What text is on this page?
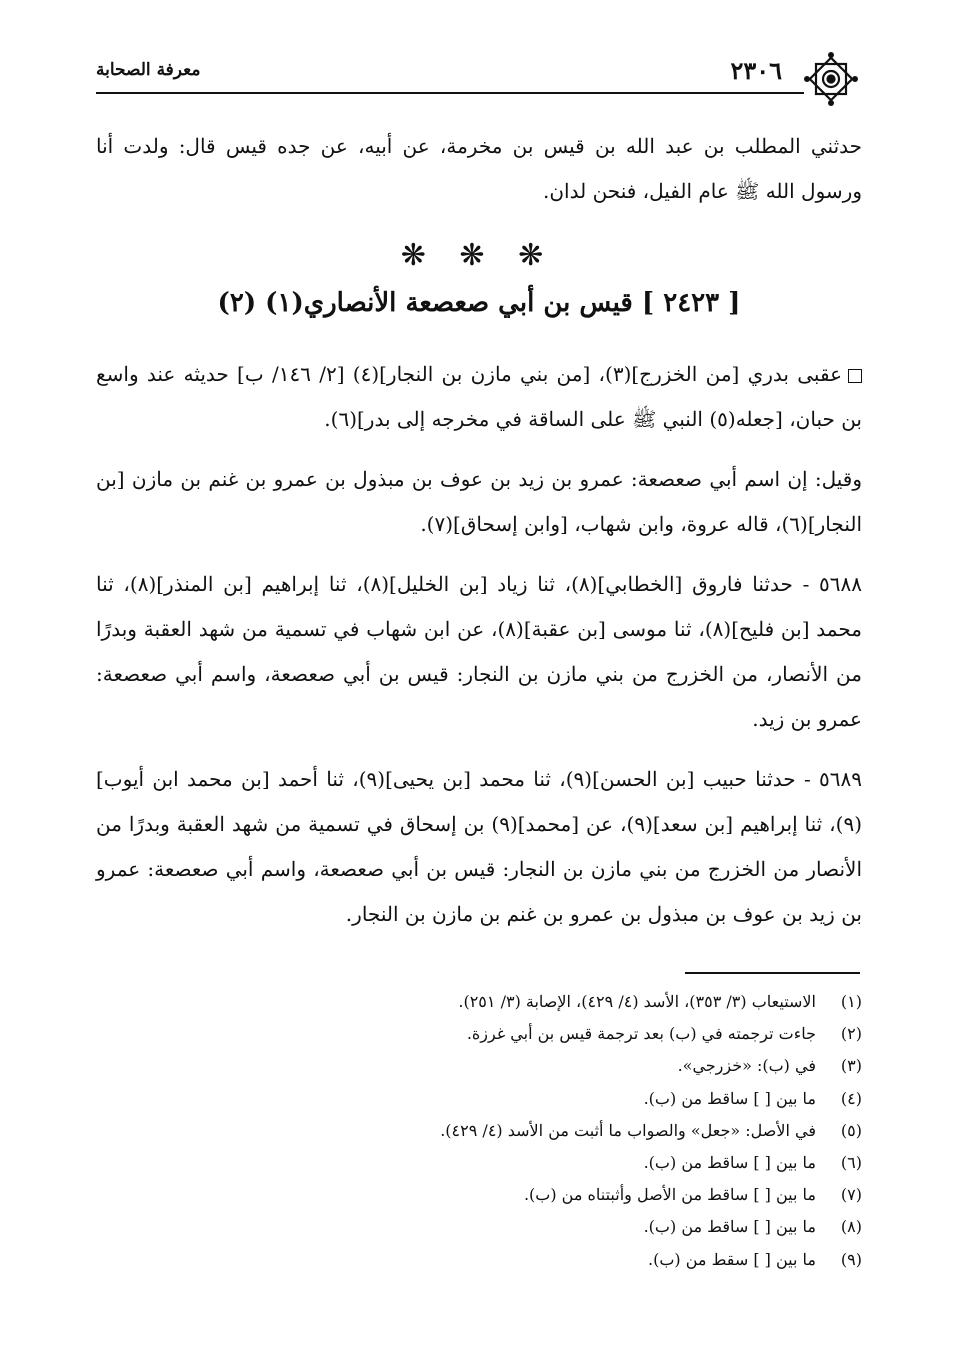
٢٣٠٦
معرفة الصحابة

حدثني المطلب بن عبد الله بن قيس بن مخرمة، عن أبيه، عن جده قيس قال: ولدت أنا ورسول الله ﷺ عام الفيل، فنحن لدان.

❋ ❋ ❋
[ ٢٤٢٣ ] قيس بن أبي صعصعة الأنصاري(١) (٢)

عقبى بدري [من الخزرج](٣)، [من بني مازن بن النجار](٤) [٢/ ١٤٦/ ب] حديثه عند واسع بن حبان، [جعله(٥) النبي ﷺ على الساقة في مخرجه إلى بدر](٦).

وقيل: إن اسم أبي صعصعة: عمرو بن زيد بن عوف بن مبذول بن عمرو بن غنم بن مازن [بن النجار](٦)، قاله عروة، وابن شهاب، [وابن إسحاق](٧).

٥٦٨٨ - حدثنا فاروق [الخطابي](٨)، ثنا زياد [بن الخليل](٨)، ثنا إبراهيم [بن المنذر](٨)، ثنا محمد [بن فليح](٨)، ثنا موسى [بن عقبة](٨)، عن ابن شهاب في تسمية من شهد العقبة وبدرًا من الأنصار، من الخزرج من بني مازن بن النجار: قيس بن أبي صعصعة، واسم أبي صعصعة: عمرو بن زيد.

٥٦٨٩ - حدثنا حبيب [بن الحسن](٩)، ثنا محمد [بن يحيى](٩)، ثنا أحمد [بن محمد ابن أيوب](٩)، ثنا إبراهيم [بن سعد](٩)، عن [محمد](٩) بن إسحاق في تسمية من شهد العقبة وبدرًا من الأنصار من الخزرج من بني مازن بن النجار: قيس بن أبي صعصعة، واسم أبي صعصعة: عمرو بن زيد بن عوف بن مبذول بن عمرو بن غنم بن مازن بن النجار.

(١)
الاستيعاب (٣/ ٣٥٣)، الأسد (٤/ ٤٢٩)، الإصابة (٣/ ٢٥١).
(٢)
جاءت ترجمته في (ب) بعد ترجمة قيس بن أبي غرزة.
(٣)
في (ب): «خزرجي».
(٤)
ما بين [ ] ساقط من (ب).
(٥)
في الأصل: «جعل» والصواب ما أثبت من الأسد (٤/ ٤٢٩).
(٦)
ما بين [ ] ساقط من (ب).
(٧)
ما بين [ ] ساقط من الأصل وأثبتناه من (ب).
(٨)
ما بين [ ] ساقط من (ب).
(٩)
ما بين [ ] سقط من (ب).
